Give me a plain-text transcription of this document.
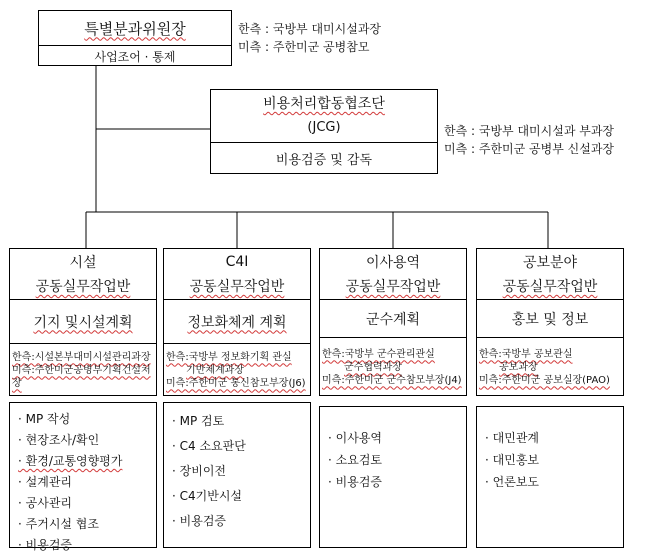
특별분과위원장
사업조어 · 통제
한측 : 국방부 대미시설과장
미측 : 주한미군 공병참모
비용처리합동협조단
(JCG)
비용검증 및 감독
한측 : 국방부 대미시설과 부과장
미측 : 주한미군 공병부 신설과장
시설
공동실무작업반
기지 및시설계획
한측:시설본부대미시설관리과장
미측:주한미군공병부기획건설처장
· MP 작성
· 현장조사/확인
· 환경/교통영향평가
· 설계관리
· 공사관리
· 주거시설 협조
· 비용검증
C4I
공동실무작업반
정보화체계 계획
한측:국방부 정보화기획 관실
기반체계과장
미측:주한미군 통신참모부장(J6)
· MP 검토
· C4 소요판단
· 장비이전
· C4기반시설
· 비용검증
이사용역
공동실무작업반
군수계획
한측:국방부 군수관리관실
군수협력과장
미측:주한미군 군수참모부장(J4)
· 이사용역
· 소요검토
· 비용검증
공보분야
공동실무작업반
홍보 및 정보
한측:국방부 공보관실
공보과장
미측:주한미군 공보실장(PAO)
· 대민관계
· 대민홍보
· 언론보도
